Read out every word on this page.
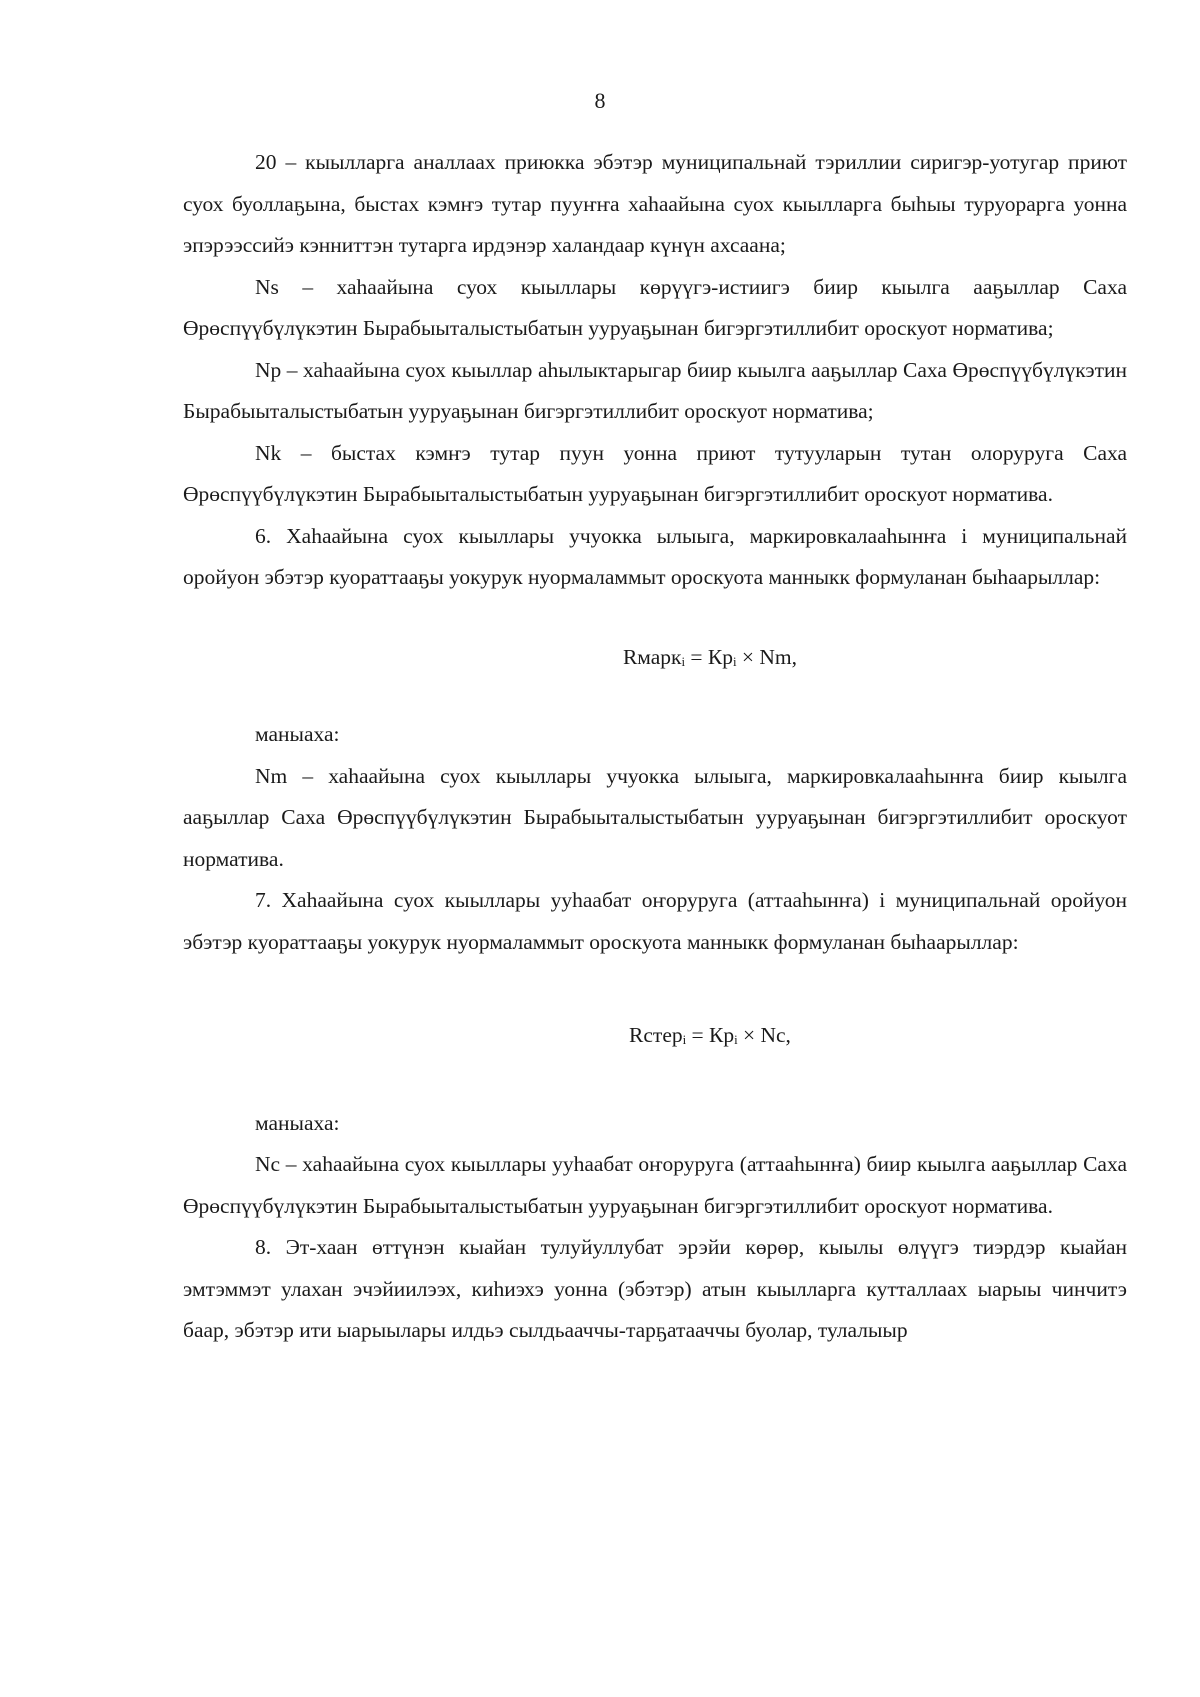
8

20 – кыылларга аналлаах приюкка эбэтэр муниципальнай тэриллии сиригэр-уотугар приют суох буоллаҕына, быстах кэмҥэ тутар пууҥҥа хаһаайына суох кыылларга быһыы туруорарга уонна эпэрээссийэ кэнниттэн тутарга ирдэнэр халандаар күнүн ахсаана;

Ns – хаһаайына суох кыыллары көрүүгэ-истиигэ биир кыылга ааҕыллар Саха Өрөспүүбүлүкэтин Бырабыыталыстыбатын ууруаҕынан бигэргэтиллибит ороскуот норматива;

Np – хаһаайына суох кыыллар аһылыктарыгар биир кыылга ааҕыллар Саха Өрөспүүбүлүкэтин Бырабыыталыстыбатын ууруаҕынан бигэргэтиллибит ороскуот норматива;

Nk – быстах кэмҥэ тутар пуун уонна приют тутууларын тутан олоруруга Саха Өрөспүүбүлүкэтин Бырабыыталыстыбатын ууруаҕынан бигэргэтиллибит ороскуот норматива.

6. Хаһаайына суох кыыллары учуокка ылыыга, маркировкалааһынҥа і муниципальнай оройуон эбэтэр куораттааҕы уокурук нуормаламмыт ороскуота манныкк формуланан быһаарыллар:

Rмаркᵢ = Кpᵢ × Nm,

маныаха:

Nm – хаһаайына суох кыыллары учуокка ылыыга, маркировкалааһынҥа биир кыылга ааҕыллар Саха Өрөспүүбүлүкэтин Бырабыыталыстыбатын ууруаҕынан бигэргэтиллибит ороскуот норматива.

7. Хаһаайына суох кыыллары ууһаабат оҥоруруга (аттааһынҥа) і муниципальнай оройуон эбэтэр куораттааҕы уокурук нуормаламмыт ороскуота манныкк формуланан быһаарыллар:

Rстерᵢ = Кpᵢ × Nc,

маныаха:

Nc – хаһаайына суох кыыллары ууһаабат оҥоруруга (аттааһынҥа) биир кыылга ааҕыллар Саха Өрөспүүбүлүкэтин Бырабыыталыстыбатын ууруаҕынан бигэргэтиллибит ороскуот норматива.

8. Эт-хаан өттүнэн кыайан тулуйуллубат эрэйи көрөр, кыылы өлүүгэ тиэрдэр кыайан эмтэммэт улахан эчэйиилээх, киһиэхэ уонна (эбэтэр) атын кыылларга кутталлаах ыарыы чинчитэ баар, эбэтэр ити ыарыылары илдьэ сылдьааччы-тарҕатааччы буолар, тулалыыр
